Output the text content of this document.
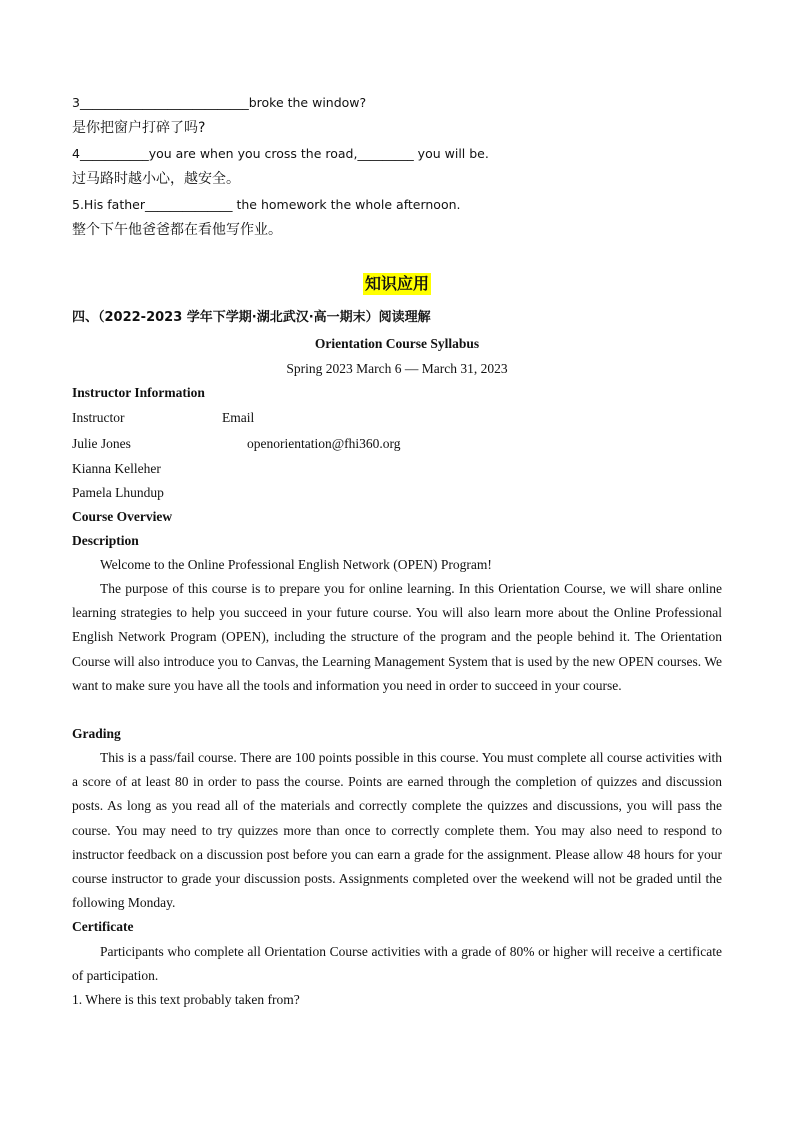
3___________________________broke the window?

是你把窗户打碎了吗?

4___________you are when you cross the road,_________ you will be.

过马路时越小心，越安全。

5.His father______________ the homework the whole afternoon.

整个下午他爸爸都在看他写作业。

知识应用

四、（2022-2023 学年下学期·湖北武汉·高一期末）阅读理解

Orientation Course Syllabus

Spring 2023 March 6 — March 31, 2023

Instructor Information

Instructor	Email
Julie Jones	openorientation@fhi360.org

Kianna Kelleher

Pamela Lhundup

Course Overview

Description

Welcome to the Online Professional English Network (OPEN) Program!

The purpose of this course is to prepare you for online learning. In this Orientation Course, we will share online learning strategies to help you succeed in your future course. You will also learn more about the Online Professional English Network Program (OPEN), including the structure of the program and the people behind it. The Orientation Course will also introduce you to Canvas, the Learning Management System that is used by the new OPEN courses. We want to make sure you have all the tools and information you need in order to succeed in your course.

Grading

This is a pass/fail course. There are 100 points possible in this course. You must complete all course activities with a score of at least 80 in order to pass the course. Points are earned through the completion of quizzes and discussion posts. As long as you read all of the materials and correctly complete the quizzes and discussions, you will pass the course. You may need to try quizzes more than once to correctly complete them. You may also need to respond to instructor feedback on a discussion post before you can earn a grade for the assignment. Please allow 48 hours for your course instructor to grade your discussion posts. Assignments completed over the weekend will not be graded until the following Monday.

Certificate

Participants who complete all Orientation Course activities with a grade of 80% or higher will receive a certificate of participation.

1. Where is this text probably taken from?
